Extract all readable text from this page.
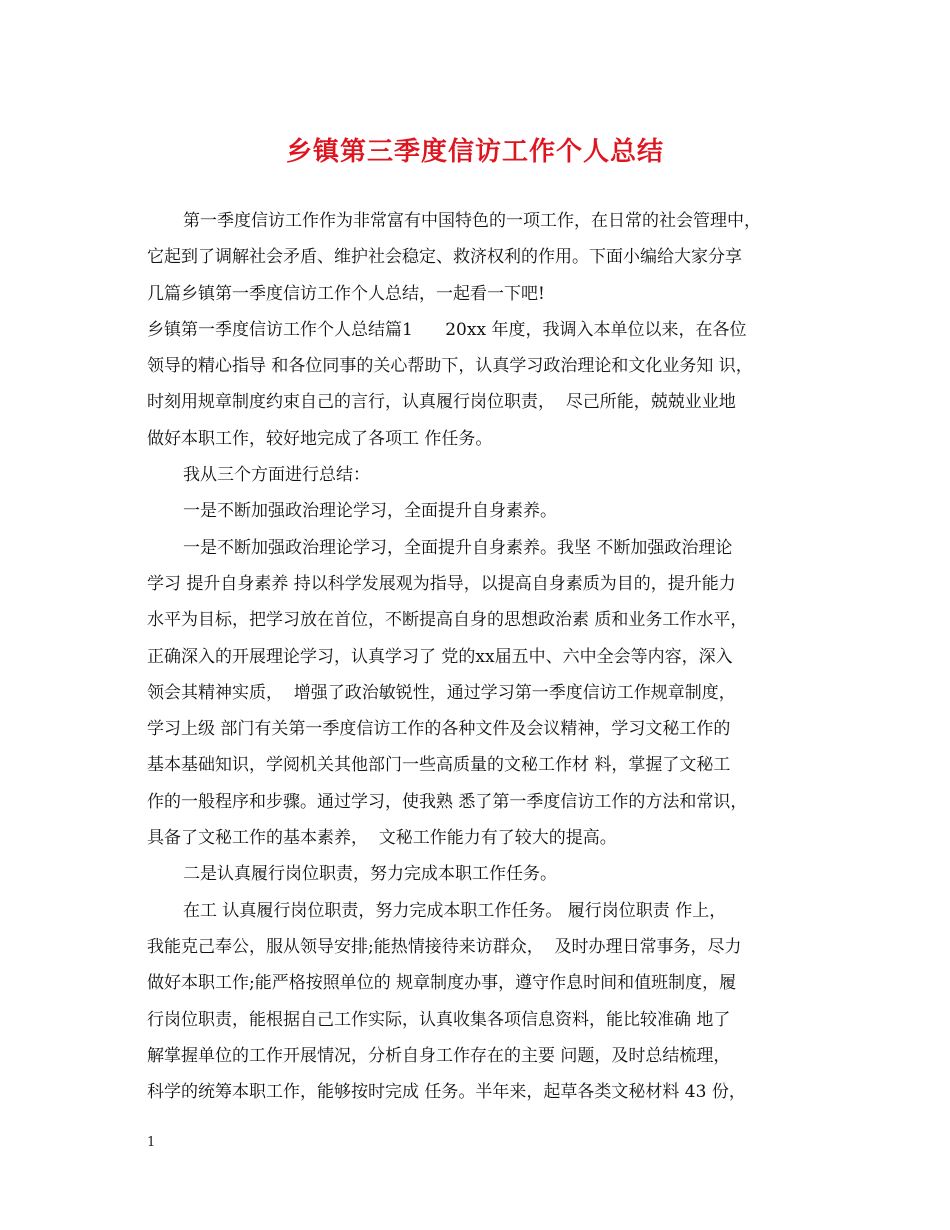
乡镇第三季度信访工作个人总结
第一季度信访工作作为非常富有中国特色的一项工作，在日常的社会管理中，
它起到了调解社会矛盾、维护社会稳定、救济权利的作用。下面小编给大家分享
几篇乡镇第一季度信访工作个人总结，一起看一下吧!
乡镇第一季度信访工作个人总结篇1      20xx 年度，我调入本单位以来，在各位
领导的精心指导 和各位同事的关心帮助下，认真学习政治理论和文化业务知 识，
时刻用规章制度约束自己的言行，认真履行岗位职责，  尽己所能，兢兢业业地
做好本职工作，较好地完成了各项工 作任务。
我从三个方面进行总结：
一是不断加强政治理论学习，全面提升自身素养。
一是不断加强政治理论学习，全面提升自身素养。我坚 不断加强政治理论
学习 提升自身素养 持以科学发展观为指导，以提高自身素质为目的，提升能力
水平为目标，把学习放在首位，不断提高自身的思想政治素 质和业务工作水平，
正确深入的开展理论学习，认真学习了 党的xx届五中、六中全会等内容，深入
领会其精神实质，  增强了政治敏锐性，通过学习第一季度信访工作规章制度，
学习上级 部门有关第一季度信访工作的各种文件及会议精神，学习文秘工作的
基本基础知识，学阅机关其他部门一些高质量的文秘工作材 料，掌握了文秘工
作的一般程序和步骤。通过学习，使我熟 悉了第一季度信访工作的方法和常识，
具备了文秘工作的基本素养，  文秘工作能力有了较大的提高。
二是认真履行岗位职责，努力完成本职工作任务。
在工 认真履行岗位职责，努力完成本职工作任务。 履行岗位职责 作上，
我能克己奉公，服从领导安排;能热情接待来访群众，  及时办理日常事务，尽力
做好本职工作;能严格按照单位的 规章制度办事，遵守作息时间和值班制度，履
行岗位职责，能根据自己工作实际，认真收集各项信息资料，能比较准确 地了
解掌握单位的工作开展情况，分析自身工作存在的主要 问题，及时总结梳理，
科学的统筹本职工作，能够按时完成 任务。半年来，起草各类文秘材料 43 份，
1
